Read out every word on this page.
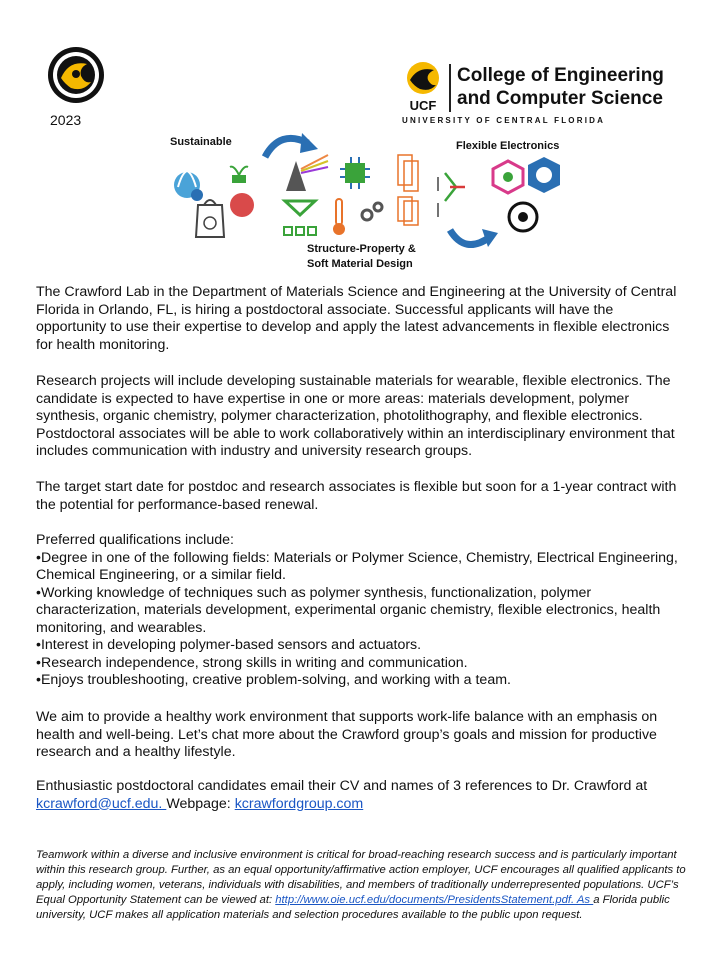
2023
UCF
College of Engineering
and Computer Science
UNIVERSITY OF CENTRAL FLORIDA
Sustainable	Flexible Electronics
Structure-Property &
Soft Material Design

The Crawford Lab in the Department of Materials Science and Engineering at the University of Central Florida in Orlando, FL, is hiring a postdoctoral associate. Successful applicants will have the opportunity to use their expertise to develop and apply the latest advancements in flexible electronics for health monitoring.

Research projects will include developing sustainable materials for wearable, flexible electronics. The candidate is expected to have expertise in one or more areas: materials development, polymer synthesis, organic chemistry, polymer characterization, photolithography, and flexible electronics. Postdoctoral associates will be able to work collaboratively within an interdisciplinary environment that includes communication with industry and university research groups.

The target start date for postdoc and research associates is flexible but soon for a 1-year contract with the potential for performance-based renewal.

Preferred qualifications include:
•Degree in one of the following fields: Materials or Polymer Science, Chemistry, Electrical Engineering, Chemical Engineering, or a similar field.
•Working knowledge of techniques such as polymer synthesis, functionalization, polymer characterization, materials development, experimental organic chemistry, flexible electronics, health monitoring, and wearables.
•Interest in developing polymer-based sensors and actuators.
•Research independence, strong skills in writing and communication.
•Enjoys troubleshooting, creative problem-solving, and working with a team.

We aim to provide a healthy work environment that supports work-life balance with an emphasis on health and well-being. Let’s chat more about the Crawford group’s goals and mission for productive research and a healthy lifestyle.

Enthusiastic postdoctoral candidates email their CV and names of 3 references to Dr. Crawford at
kcrawford@ucf.edu. Webpage: kcrawfordgroup.com

Teamwork within a diverse and inclusive environment is critical for broad-reaching research success and is particularly important within this research group. Further, as an equal opportunity/affirmative action employer, UCF encourages all qualified applicants to apply, including women, veterans, individuals with disabilities, and members of traditionally underrepresented populations. UCF’s Equal Opportunity Statement can be viewed at: http://www.oie.ucf.edu/documents/PresidentsStatement.pdf. As a Florida public university, UCF makes all application materials and selection procedures available to the public upon request.
